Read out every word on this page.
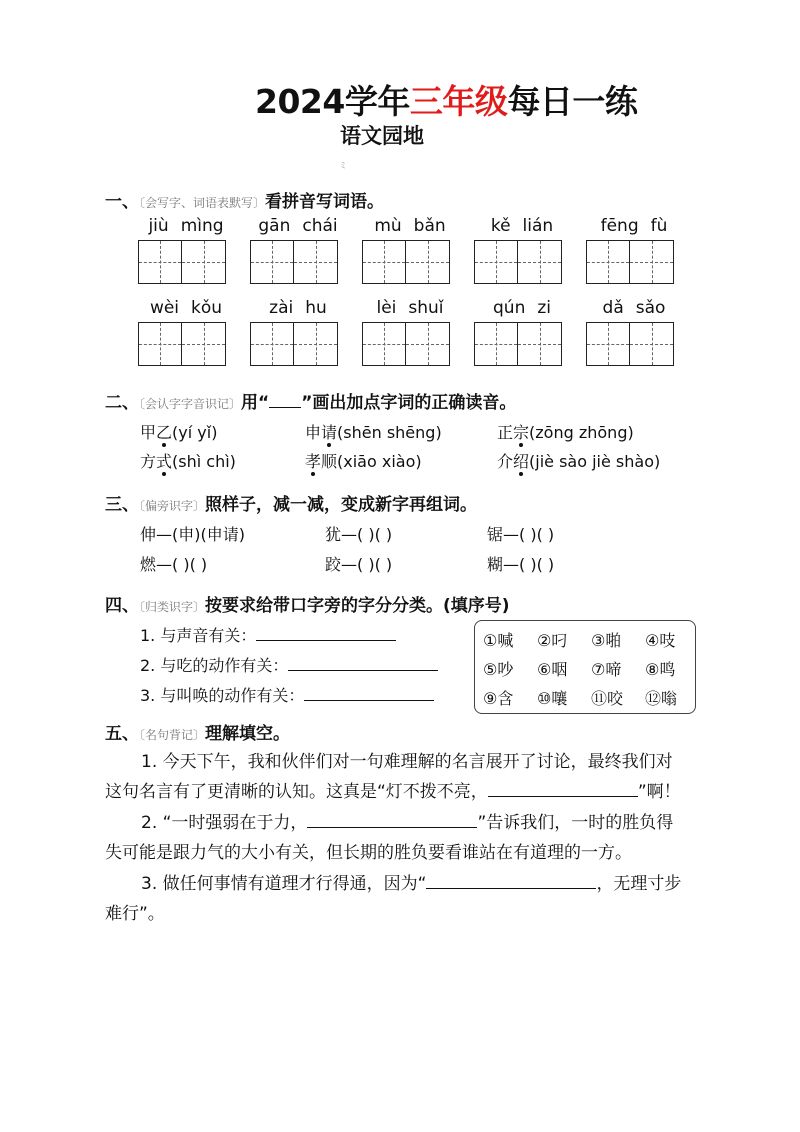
2024学年三年级每日一练
语文园地
ミ
一、〔会写字、词语表默写〕看拼音写词语。
jiù mìng	gān chái	mù bǎn	kě lián	fēng fù
wèi kǒu	zài hu	lèi shuǐ	qún zi	dǎ sǎo
二、〔会认字字音识记〕用“ ”画出加点字词的正确读音。
甲乙(yí yǐ)	申请(shēn shēng)	正宗(zōng zhōng)
方式(shì chì)	孝顺(xiāo xiào)	介绍(jiè sào jiè shào)
三、〔偏旁识字〕照样子，减一减，变成新字再组词。
伸—(申)(申请)	犹—( )( )	锯—( )( )
燃—( )( )	跤—( )( )	糊—( )( )
四、〔归类识字〕按要求给带口字旁的字分分类。(填序号)
1. 与声音有关：
2. 与吃的动作有关：
3. 与叫唤的动作有关：
①喊 ②叼 ③啪 ④吱
⑤吵 ⑥咽 ⑦啼 ⑧鸣
⑨含 ⑩嚷 ⑪咬 ⑫嗡
五、〔名句背记〕理解填空。
1. 今天下午，我和伙伴们对一句难理解的名言展开了讨论，最终我们对
这句名言有了更清晰的认知。这真是“灯不拨不亮，	”啊！
2. “一时强弱在于力，	”告诉我们，一时的胜负得
失可能是跟力气的大小有关，但长期的胜负要看谁站在有道理的一方。
3. 做任何事情有道理才行得通，因为“	，无理寸步
难行”。
